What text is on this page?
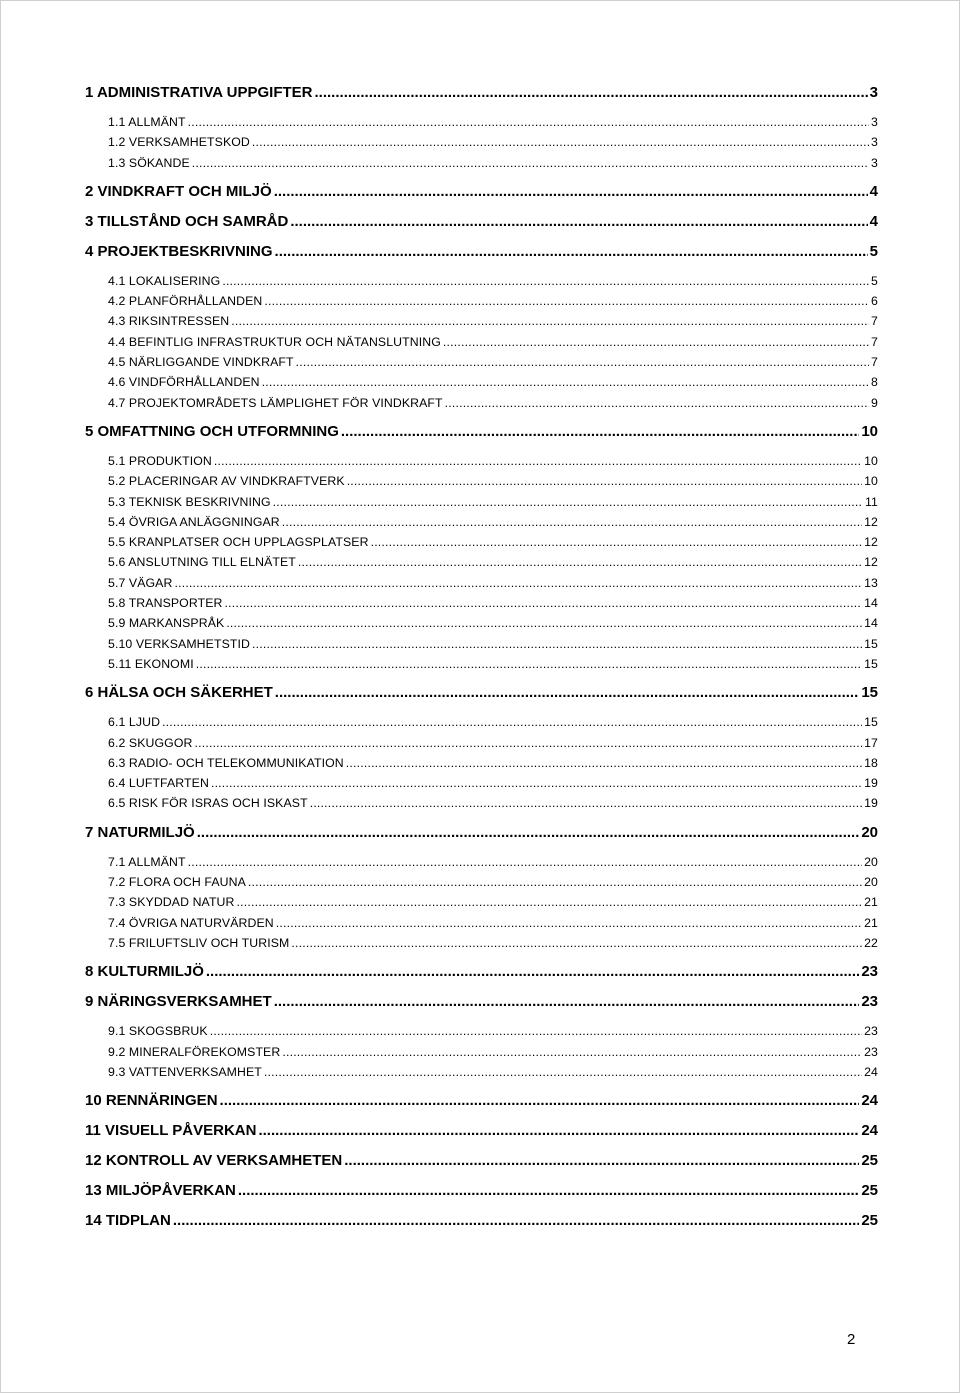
1 ADMINISTRATIVA UPPGIFTER .....	3
1.1 ALLMÄNT .....	3
1.2 VERKSAMHETSKOD .....	3
1.3 SÖKANDE .....	3
2 VINDKRAFT OCH MILJÖ .....	4
3 TILLSTÅND OCH SAMRÅD .....	4
4 PROJEKTBESKRIVNING .....	5
4.1 LOKALISERING .....	5
4.2 PLANFÖRHÅLLANDEN .....	6
4.3 RIKSINTRESSEN .....	7
4.4 BEFINTLIG INFRASTRUKTUR OCH NÄTANSLUTNING .....	7
4.5 NÄRLIGGANDE VINDKRAFT .....	7
4.6 VINDFÖRHÅLLANDEN .....	8
4.7 PROJEKTOMRÅDETS LÄMPLIGHET FÖR VINDKRAFT .....	9
5 OMFATTNING OCH UTFORMNING .....	10
5.1 PRODUKTION .....	10
5.2 PLACERINGAR AV VINDKRAFTVERK .....	10
5.3 TEKNISK BESKRIVNING .....	11
5.4 ÖVRIGA ANLÄGGNINGAR .....	12
5.5 KRANPLATSER OCH UPPLAGSPLATSER .....	12
5.6 ANSLUTNING TILL ELNÄTET .....	12
5.7 VÄGAR .....	13
5.8 TRANSPORTER .....	14
5.9 MARKANSPRÅK .....	14
5.10 VERKSAMHETSTID .....	15
5.11 EKONOMI .....	15
6 HÄLSA OCH SÄKERHET .....	15
6.1 LJUD .....	15
6.2 SKUGGOR .....	17
6.3 RADIO- OCH TELEKOMMUNIKATION .....	18
6.4 LUFTFARTEN .....	19
6.5 RISK FÖR ISRAS OCH ISKAST .....	19
7 NATURMILJÖ .....	20
7.1 ALLMÄNT .....	20
7.2 FLORA OCH FAUNA .....	20
7.3 SKYDDAD NATUR .....	21
7.4 ÖVRIGA NATURVÄRDEN .....	21
7.5 FRILUFTSLIV OCH TURISM .....	22
8 KULTURMILJÖ .....	23
9 NÄRINGSVERKSAMHET .....	23
9.1 SKOGSBRUK .....	23
9.2 MINERALFÖREKOMSTER .....	23
9.3 VATTENVERKSAMHET .....	24
10 RENNÄRINGEN .....	24
11 VISUELL PÅVERKAN .....	24
12 KONTROLL AV VERKSAMHETEN .....	25
13 MILJÖPÅVERKAN .....	25
14 TIDPLAN .....	25
2
